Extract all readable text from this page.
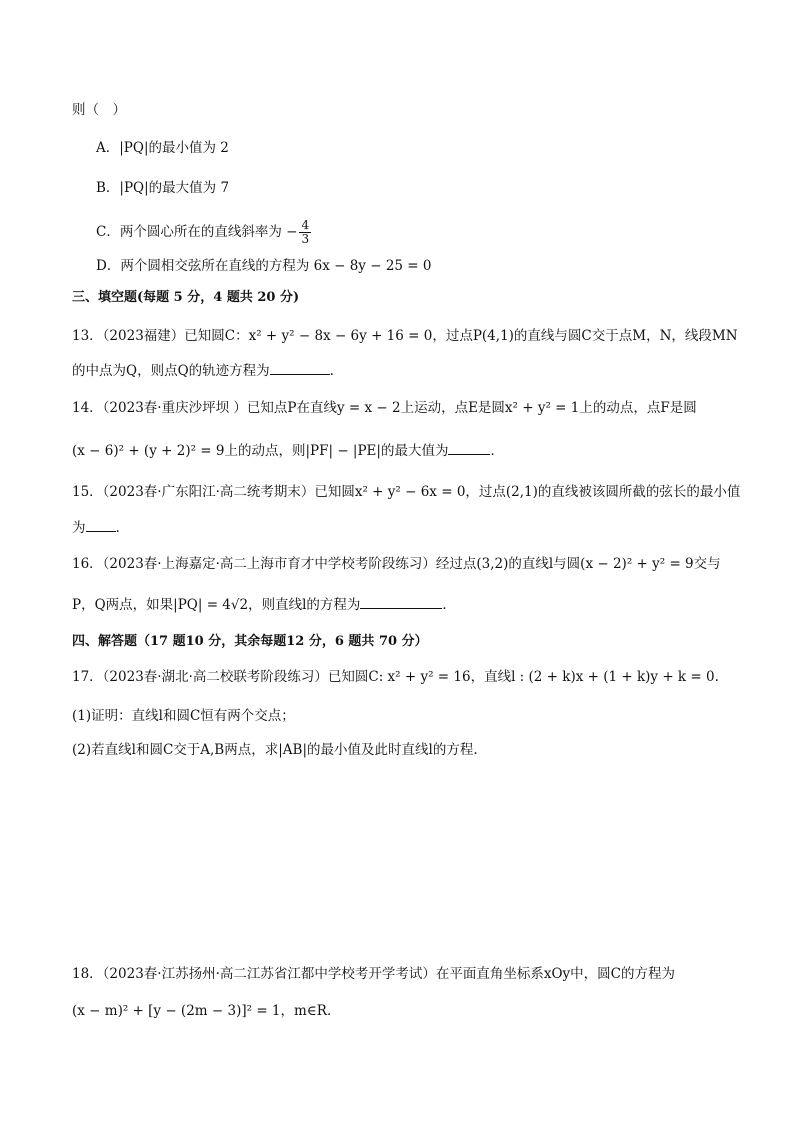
则（　）
A．|PQ|的最小值为 2
B．|PQ|的最大值为 7
C．两个圆心所在的直线斜率为 − $\frac{4}{3}$
D．两个圆相交弦所在直线的方程为 6x − 8y − 25 = 0
三、填空题(每题 5 分，4 题共 20 分)
13．（2023福建）已知圆C：x² + y² − 8x − 6y + 16 = 0，过点P(4,1)的直线与圆C交于点M，N，线段MN
的中点为Q，则点Q的轨迹方程为	.
14．（2023春·重庆沙坪坝 ）已知点P在直线y = x − 2上运动，点E是圆x² + y² = 1上的动点，点F是圆
(x − 6)² + (y + 2)² = 9上的动点，则|PF| − |PE|的最大值为	．
15．（2023春·广东阳江·高二统考期末）已知圆x² + y² − 6x = 0，过点(2,1)的直线被该圆所截的弦长的最小值
为 .
16．（2023春·上海嘉定·高二上海市育才中学校考阶段练习）经过点(3,2)的直线l与圆(x − 2)² + y² = 9交与
P，Q两点，如果|PQ| = 4√2，则直线l的方程为	．
四、解答题（17 题10 分，其余每题12 分，6 题共 70 分）
17．（2023春·湖北·高二校联考阶段练习）已知圆C: x² + y² = 16，直线l : (2 + k)x + (1 + k)y + k = 0.
(1)证明：直线l和圆C恒有两个交点；
(2)若直线l和圆C交于A,B两点，求|AB|的最小值及此时直线l的方程.
18．（2023春·江苏扬州·高二江苏省江都中学校考开学考试）在平面直角坐标系xOy中，圆C的方程为
(x − m)² + [y − (2m − 3)]² = 1，m∈R．
